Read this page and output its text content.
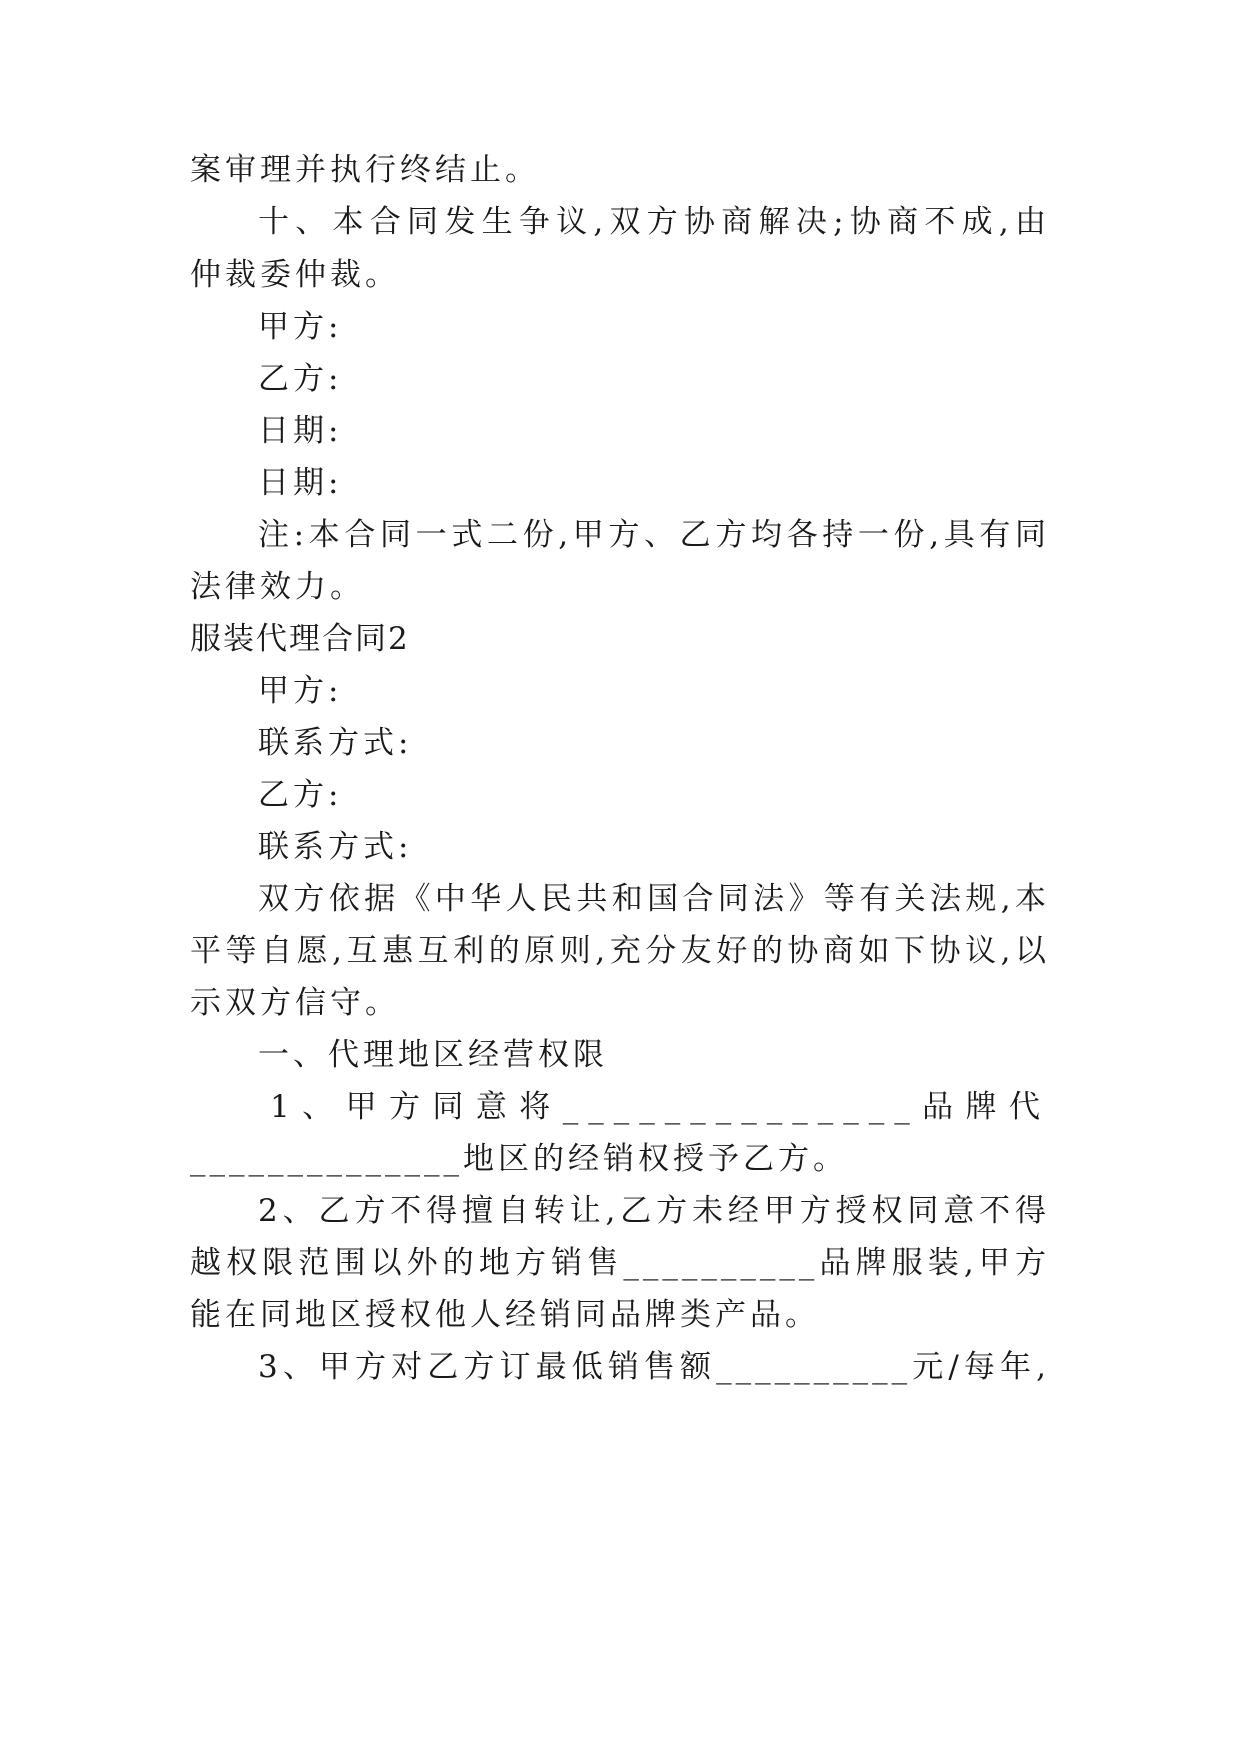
案审理并执行终结止。
十、本合同发生争议,双方协商解决;协商不成,由
仲裁委仲裁。
甲方:
乙方:
日期:
日期:
注:本合同一式二份,甲方、乙方均各持一份,具有同
法律效力。
服装代理合同2
甲方:
联系方式:
乙方:
联系方式:
双方依据《中华人民共和国合同法》等有关法规,本
平等自愿,互惠互利的原则,充分友好的协商如下协议,以
示双方信守。
一、代理地区经营权限
1、甲方同意将______________品牌代
______________地区的经销权授予乙方。
2、乙方不得擅自转让,乙方未经甲方授权同意不得
越权限范围以外的地方销售__________品牌服装,甲方
能在同地区授权他人经销同品牌类产品。
3、甲方对乙方订最低销售额__________元/每年,
